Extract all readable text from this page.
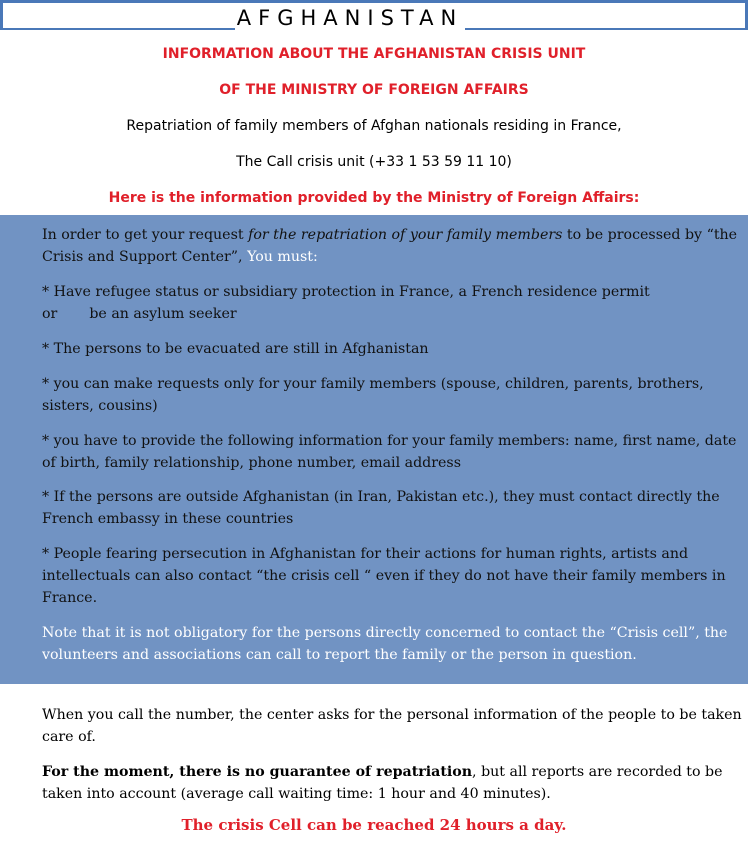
AFGHANISTAN
INFORMATION ABOUT THE AFGHANISTAN CRISIS UNIT
OF THE MINISTRY OF FOREIGN AFFAIRS
Repatriation of family members of Afghan nationals residing in France,
The Call crisis unit (+33 1 53 59 11 10)
Here is the information provided by the Ministry of Foreign Affairs:
In order to get your request for the repatriation of your family members to be processed by “the Crisis and Support Center”, You must:
* Have refugee status or subsidiary protection in France, a French residence permit
or be an asylum seeker
* The persons to be evacuated are still in Afghanistan
* you can make requests only for your family members (spouse, children, parents, brothers, sisters, cousins)
* you have to provide the following information for your family members: name, first name, date of birth, family relationship, phone number, email address
* If the persons are outside Afghanistan (in Iran, Pakistan etc.), they must contact directly the French embassy in these countries
* People fearing persecution in Afghanistan for their actions for human rights, artists and intellectuals can also contact “the crisis cell “ even if they do not have their family members in France.
Note that it is not obligatory for the persons directly concerned to contact the “Crisis cell”, the volunteers and associations can call to report the family or the person in question.
When you call the number, the center asks for the personal information of the people to be taken care of.
For the moment, there is no guarantee of repatriation, but all reports are recorded to be taken into account (average call waiting time: 1 hour and 40 minutes).
The crisis Cell can be reached 24 hours a day.
